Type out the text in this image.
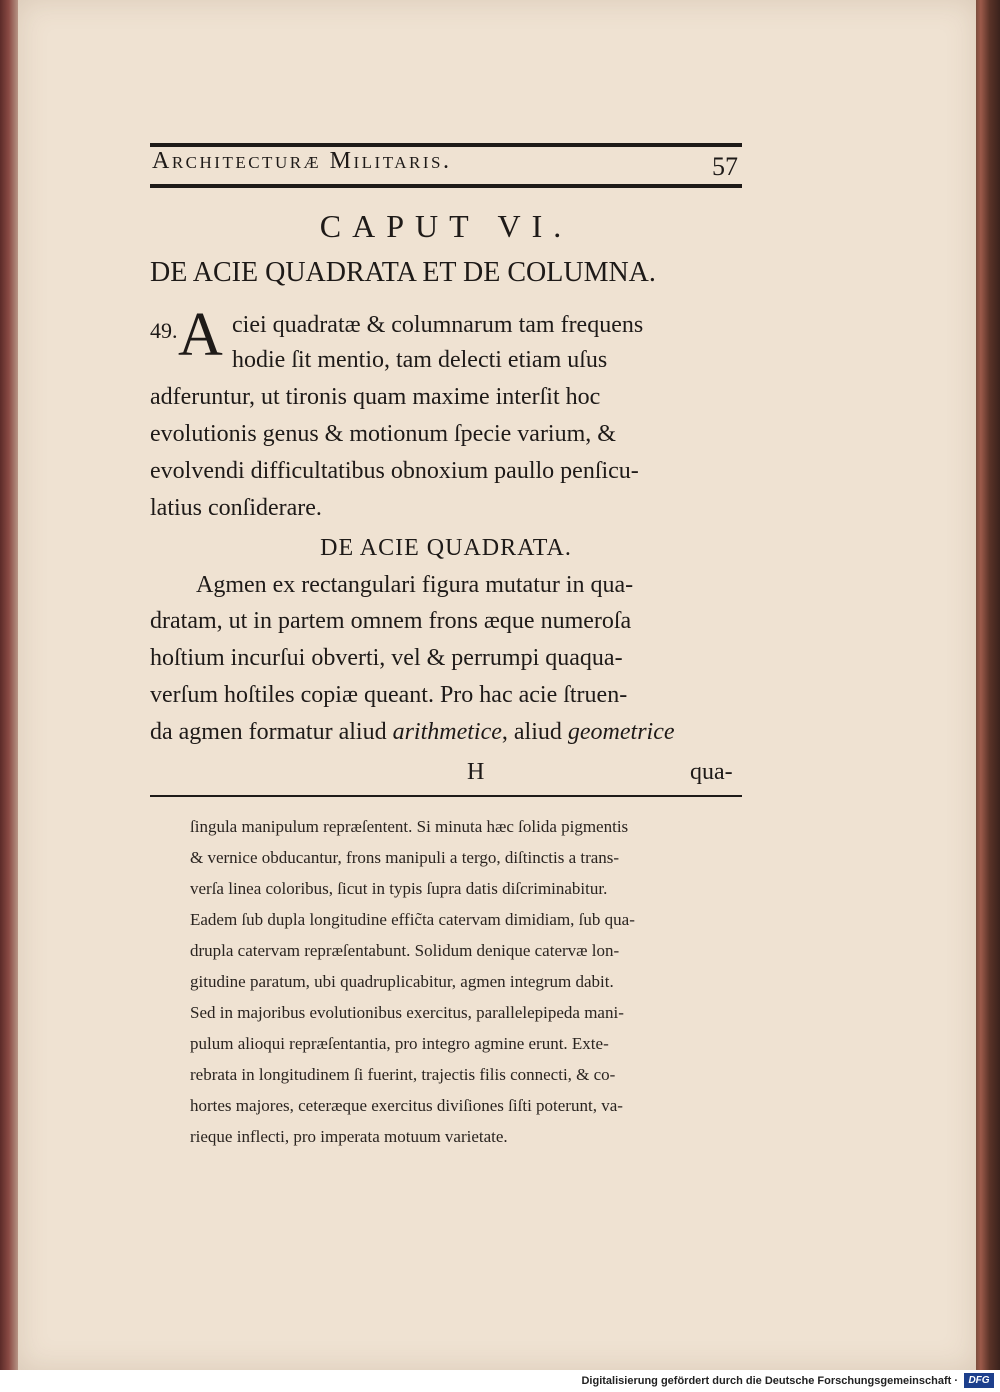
Architecturæ Militaris.	57
CAPUT VI.
DE ACIE QUADRATA ET DE COLUMNA.
49. A ciei quadratæ & columnarum tam frequens
hodie ſit mentio, tam delecti etiam uſus
adferuntur, ut tironis quam maxime interſit hoc
evolutionis genus & motionum ſpecie varium, &
evolvendi difficultatibus obnoxium paullo penſicu-
latius conſiderare.
DE ACIE QUADRATA.
Agmen ex rectangulari figura mutatur in qua-
dratam, ut in partem omnem frons æque numeroſa
hoſtium incurſui obverti, vel & perrumpi quaqua-
verſum hoſtiles copiæ queant. Pro hac acie ſtruen-
da agmen formatur aliud arithmetice, aliud geometrice
H	qua-
ſingula manipulum repræſentent. Si minuta hæc ſolida pigmentis
& vernice obducantur, frons manipuli a tergo, diſtinctis a trans-
verſa linea coloribus, ſicut in typis ſupra datis diſcriminabitur.
Eadem ſub dupla longitudine effic̃ta catervam dimidiam, ſub qua-
drupla catervam repræſentabunt. Solidum denique catervæ lon-
gitudine paratum, ubi quadruplicabitur, agmen integrum dabit.
Sed in majoribus evolutionibus exercitus, parallelepipeda mani-
pulum alioqui repræſentantia, pro integro agmine erunt. Exte-
rebrata in longitudinem ſi fuerint, trajectis filis connecti, & co-
hortes majores, ceteræque exercitus diviſiones ſiſti poterunt, va-
rieque inflecti, pro imperata motuum varietate.
Digitalisierung gefördert durch die Deutsche Forschungsgemeinschaft ·	DFG
